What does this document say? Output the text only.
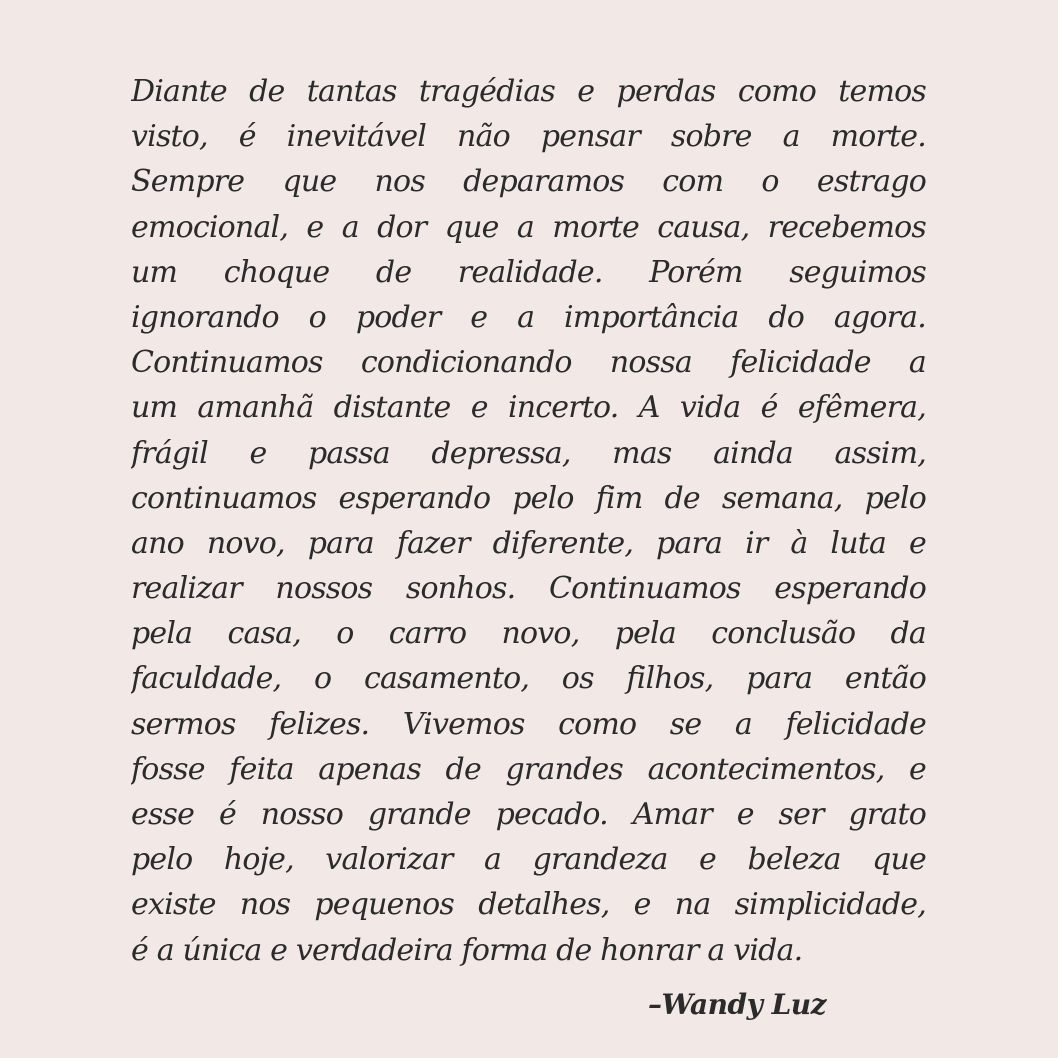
Diante de tantas tragédias e perdas como temos
visto, é inevitável não pensar sobre a morte.
Sempre que nos deparamos com o estrago
emocional, e a dor que a morte causa, recebemos
um choque de realidade. Porém seguimos
ignorando o poder e a importância do agora.
Continuamos condicionando nossa felicidade a
um amanhã distante e incerto. A vida é efêmera,
frágil e passa depressa, mas ainda assim,
continuamos esperando pelo fim de semana, pelo
ano novo, para fazer diferente, para ir à luta e
realizar nossos sonhos. Continuamos esperando
pela casa, o carro novo, pela conclusão da
faculdade, o casamento, os filhos, para então
sermos felizes. Vivemos como se a felicidade
fosse feita apenas de grandes acontecimentos, e
esse é nosso grande pecado. Amar e ser grato
pelo hoje, valorizar a grandeza e beleza que
existe nos pequenos detalhes, e na simplicidade,
é a única e verdadeira forma de honrar a vida.

–Wandy Luz
